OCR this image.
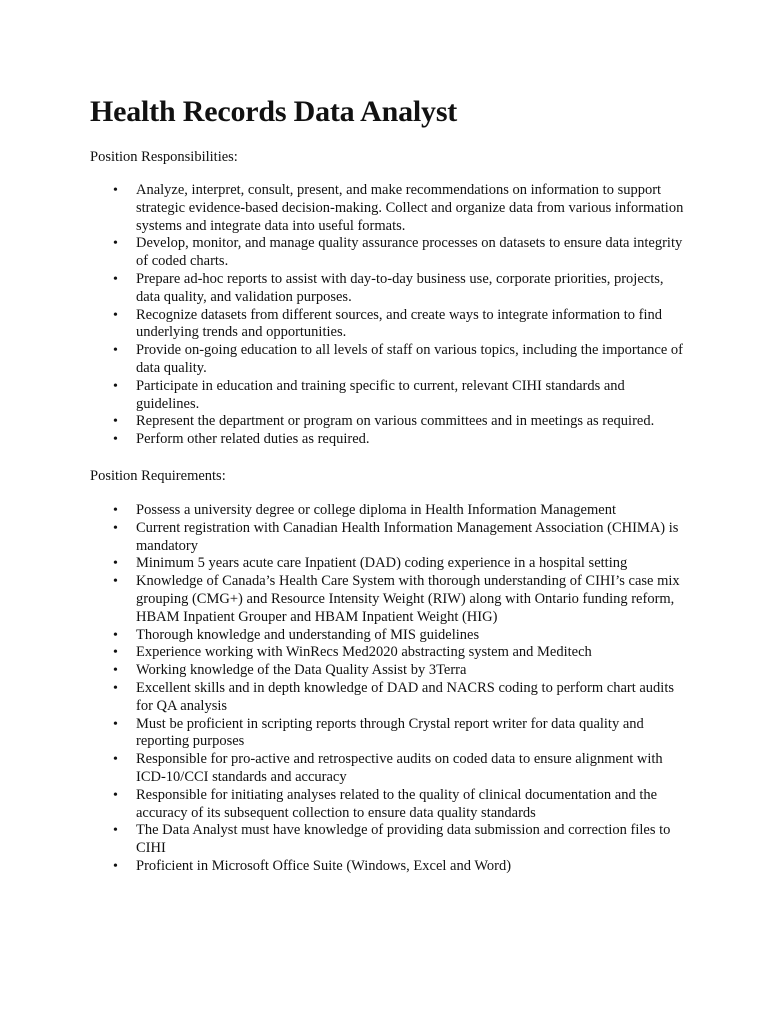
Health Records Data Analyst

Position Responsibilities:

• Analyze, interpret, consult, present, and make recommendations on information to support strategic evidence-based decision-making. Collect and organize data from various information systems and integrate data into useful formats.
• Develop, monitor, and manage quality assurance processes on datasets to ensure data integrity of coded charts.
• Prepare ad-hoc reports to assist with day-to-day business use, corporate priorities, projects, data quality, and validation purposes.
• Recognize datasets from different sources, and create ways to integrate information to find underlying trends and opportunities.
• Provide on-going education to all levels of staff on various topics, including the importance of data quality.
• Participate in education and training specific to current, relevant CIHI standards and guidelines.
• Represent the department or program on various committees and in meetings as required.
• Perform other related duties as required.

Position Requirements:

• Possess a university degree or college diploma in Health Information Management
• Current registration with Canadian Health Information Management Association (CHIMA) is mandatory
• Minimum 5 years acute care Inpatient (DAD) coding experience in a hospital setting
• Knowledge of Canada’s Health Care System with thorough understanding of CIHI’s case mix grouping (CMG+) and Resource Intensity Weight (RIW) along with Ontario funding reform, HBAM Inpatient Grouper and HBAM Inpatient Weight (HIG)
• Thorough knowledge and understanding of MIS guidelines
• Experience working with WinRecs Med2020 abstracting system and Meditech
• Working knowledge of the Data Quality Assist by 3Terra
• Excellent skills and in depth knowledge of DAD and NACRS coding to perform chart audits for QA analysis
• Must be proficient in scripting reports through Crystal report writer for data quality and reporting purposes
• Responsible for pro-active and retrospective audits on coded data to ensure alignment with ICD-10/CCI standards and accuracy
• Responsible for initiating analyses related to the quality of clinical documentation and the accuracy of its subsequent collection to ensure data quality standards
• The Data Analyst must have knowledge of providing data submission and correction files to CIHI
• Proficient in Microsoft Office Suite (Windows, Excel and Word)
